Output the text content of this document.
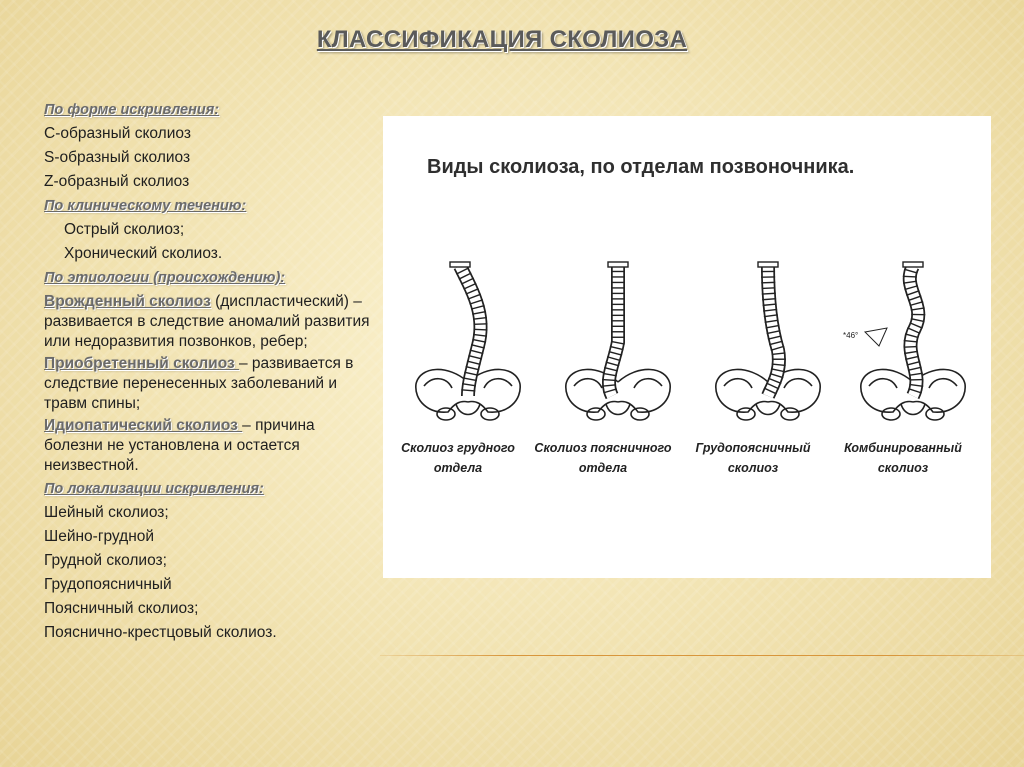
КЛАССИФИКАЦИЯ СКОЛИОЗА
По форме искривления:
С-образный сколиоз
S-образный сколиоз
Z-образный сколиоз
По клиническому течению:
Острый сколиоз;
Хронический сколиоз.
По этиологии (происхождению):
Врожденный сколиоз (диспластический) – развивается в следствие аномалий развития или недоразвития позвонков, ребер;
Приобретенный сколиоз – развивается в следствие перенесенных заболеваний и травм спины;
Идиопатический сколиоз – причина болезни не установлена и остается неизвестной.
По локализации искривления:
Шейный сколиоз;
Шейно-грудной
Грудной сколиоз;
Грудопоясничный
Поясничный сколиоз;
Пояснично-крестцовый сколиоз.
Виды сколиоза, по отделам позвоночника.
*46°
Сколиоз грудного
отдела
Сколиоз поясничного
отдела
Грудопоясничный
сколиоз
Комбинированный
сколиоз
